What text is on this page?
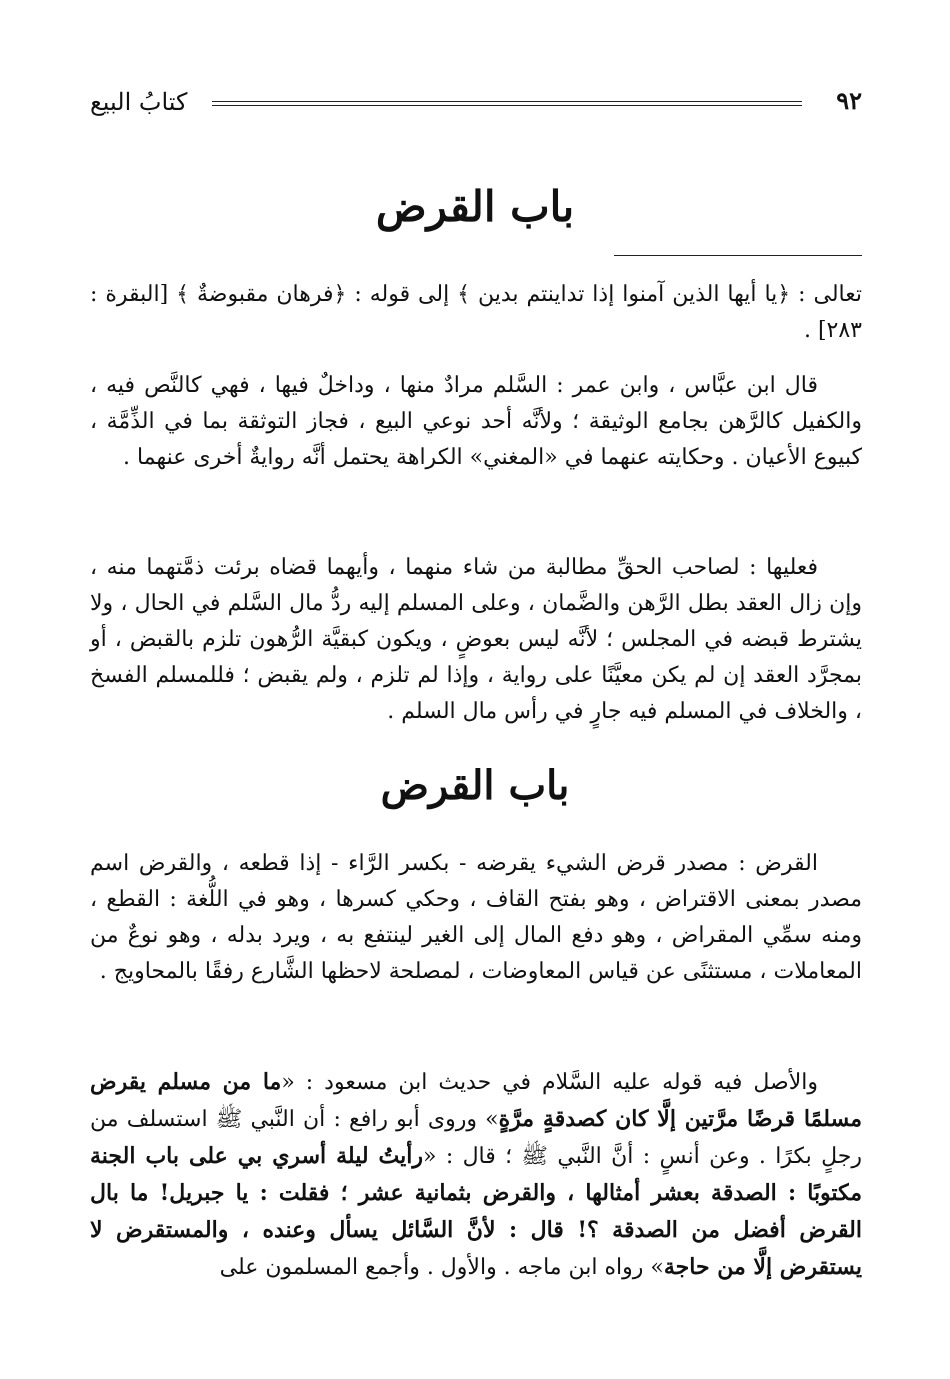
٩٢
كتابُ البيع
باب القرض

تعالى : ﴿يا أيها الذين آمنوا إذا تداينتم بدين ﴾ إلى قوله : ﴿فرهان مقبوضةٌ ﴾ [البقرة : ٢٨٣] .

قال ابن عبَّاس ، وابن عمر : السَّلم مرادٌ منها ، وداخلٌ فيها ، فهي كالنَّص فيه ، والكفيل كالرَّهن بجامع الوثيقة ؛ ولأنَّه أحد نوعي البيع ، فجاز التوثقة بما في الذِّمَّة ، كبيوع الأعيان . وحكايته عنهما في «المغني» الكراهة يحتمل أنَّه روايةٌ أخرى عنهما .

فعليها : لصاحب الحقِّ مطالبة من شاء منهما ، وأيهما قضاه برئت ذمَّتهما منه ، وإن زال العقد بطل الرَّهن والضَّمان ، وعلى المسلم إليه ردُّ مال السَّلم في الحال ، ولا يشترط قبضه في المجلس ؛ لأنَّه ليس بعوضٍ ، ويكون كبقيَّة الرُّهون تلزم بالقبض ، أو بمجرَّد العقد إن لم يكن معيَّنًا على رواية ، وإذا لم تلزم ، ولم يقبض ؛ فللمسلم الفسخ ، والخلاف في المسلم فيه جارٍ في رأس مال السلم .

باب القرض

القرض : مصدر قرض الشيء يقرضه - بكسر الرَّاء - إذا قطعه ، والقرض اسم مصدر بمعنى الاقتراض ، وهو بفتح القاف ، وحكي كسرها ، وهو في اللُّغة : القطع ، ومنه سمِّي المقراض ، وهو دفع المال إلى الغير لينتفع به ، ويرد بدله ، وهو نوعٌ من المعاملات ، مستثنًى عن قياس المعاوضات ، لمصلحة لاحظها الشَّارع رفقًا بالمحاويج .

والأصل فيه قوله عليه السَّلام في حديث ابن مسعود : «ما من مسلم يقرض مسلمًا قرضًا مرَّتين إلَّا كان كصدقةٍ مرَّةٍ» وروى أبو رافع : أن النَّبي ﷺ استسلف من رجلٍ بكرًا . وعن أنسٍ : أنَّ النَّبي ﷺ ؛ قال : «رأيتُ ليلة أسري بي على باب الجنة مكتوبًا : الصدقة بعشر أمثالها ، والقرض بثمانية عشر ؛ فقلت : يا جبريل! ما بال القرض أفضل من الصدقة ؟! قال : لأنَّ السَّائل يسأل وعنده ، والمستقرض لا يستقرض إلَّا من حاجة» رواه ابن ماجه . والأول . وأجمع المسلمون على
